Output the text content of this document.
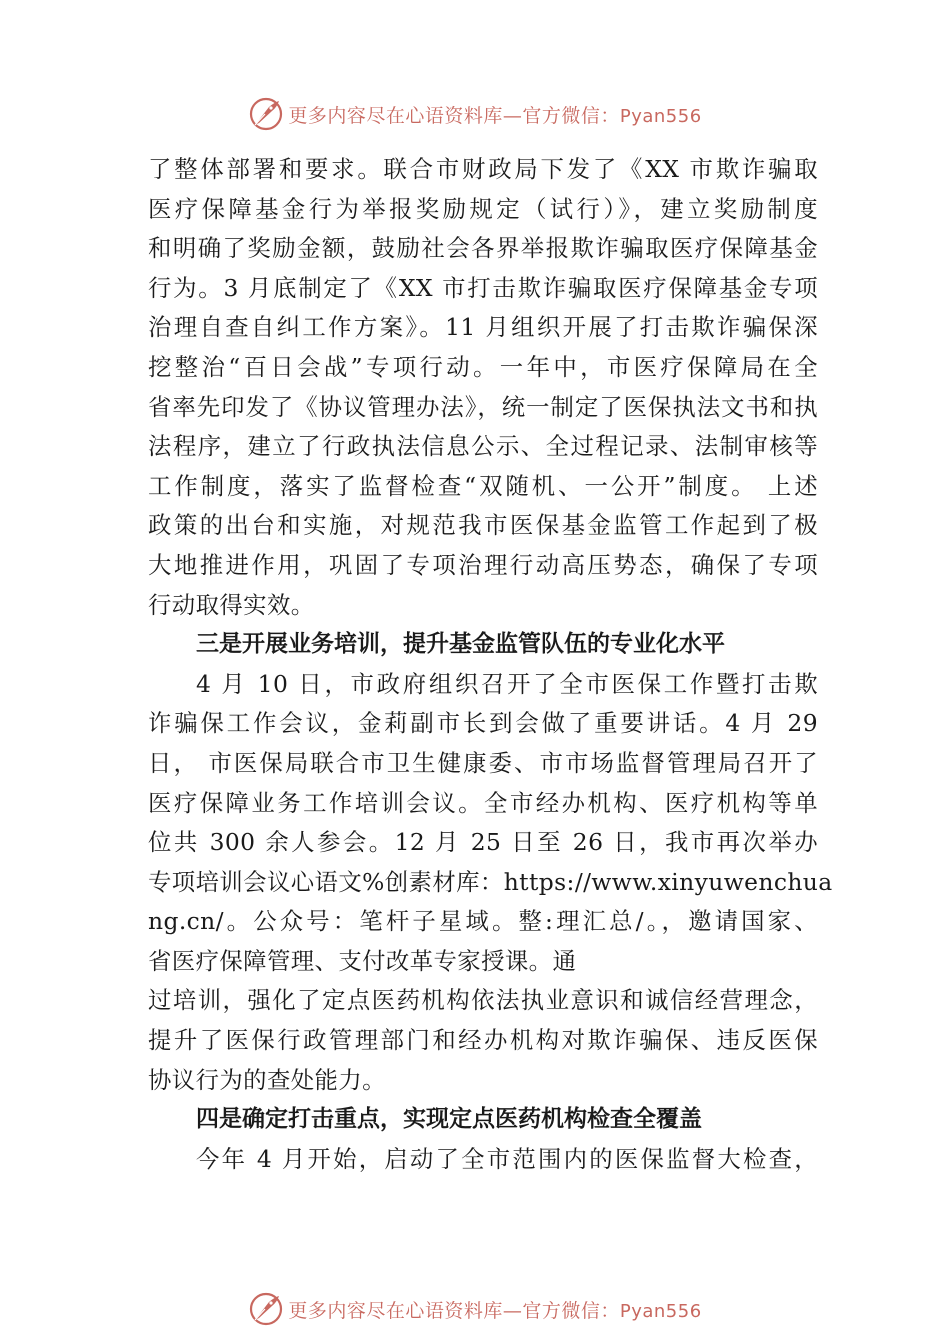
更多内容尽在心语资料库—官方微信：Pyan556
了整体部署和要求。联合市财政局下发了《XX 市欺诈骗取
医疗保障基金行为举报奖励规定（试行）》，建立奖励制度
和明确了奖励金额，鼓励社会各界举报欺诈骗取医疗保障基金
行为。3 月底制定了《XX 市打击欺诈骗取医疗保障基金专项
治理自查自纠工作方案》。11 月组织开展了打击欺诈骗保深
挖整治“百日会战”专项行动。一年中，市医疗保障局在全
省率先印发了《协议管理办法》，统一制定了医保执法文书和执
法程序，建立了行政执法信息公示、全过程记录、法制审核等
工作制度，落实了监督检查“双随机、一公开”制度。 上述
政策的出台和实施，对规范我市医保基金监管工作起到了极
大地推进作用，巩固了专项治理行动高压势态，确保了专项
行动取得实效。
三是开展业务培训，提升基金监管队伍的专业化水平
4 月 10 日，市政府组织召开了全市医保工作暨打击欺
诈骗保工作会议，金莉副市长到会做了重要讲话。4 月 29
日， 市医保局联合市卫生健康委、市市场监督管理局召开了
医疗保障业务工作培训会议。全市经办机构、医疗机构等单
位共 300 余人参会。12 月 25 日至 26 日，我市再次举办
专项培训会议心语文%创素材库：https://www.xinyuwenchua
ng.cn/。公众号：笔杆子星域。整:理汇总/。，邀请国家、
省医疗保障管理、支付改革专家授课。通
过培训，强化了定点医药机构依法执业意识和诚信经营理念，
提升了医保行政管理部门和经办机构对欺诈骗保、违反医保
协议行为的查处能力。
四是确定打击重点，实现定点医药机构检查全覆盖
今年 4 月开始，启动了全市范围内的医保监督大检查，
更多内容尽在心语资料库—官方微信：Pyan556
